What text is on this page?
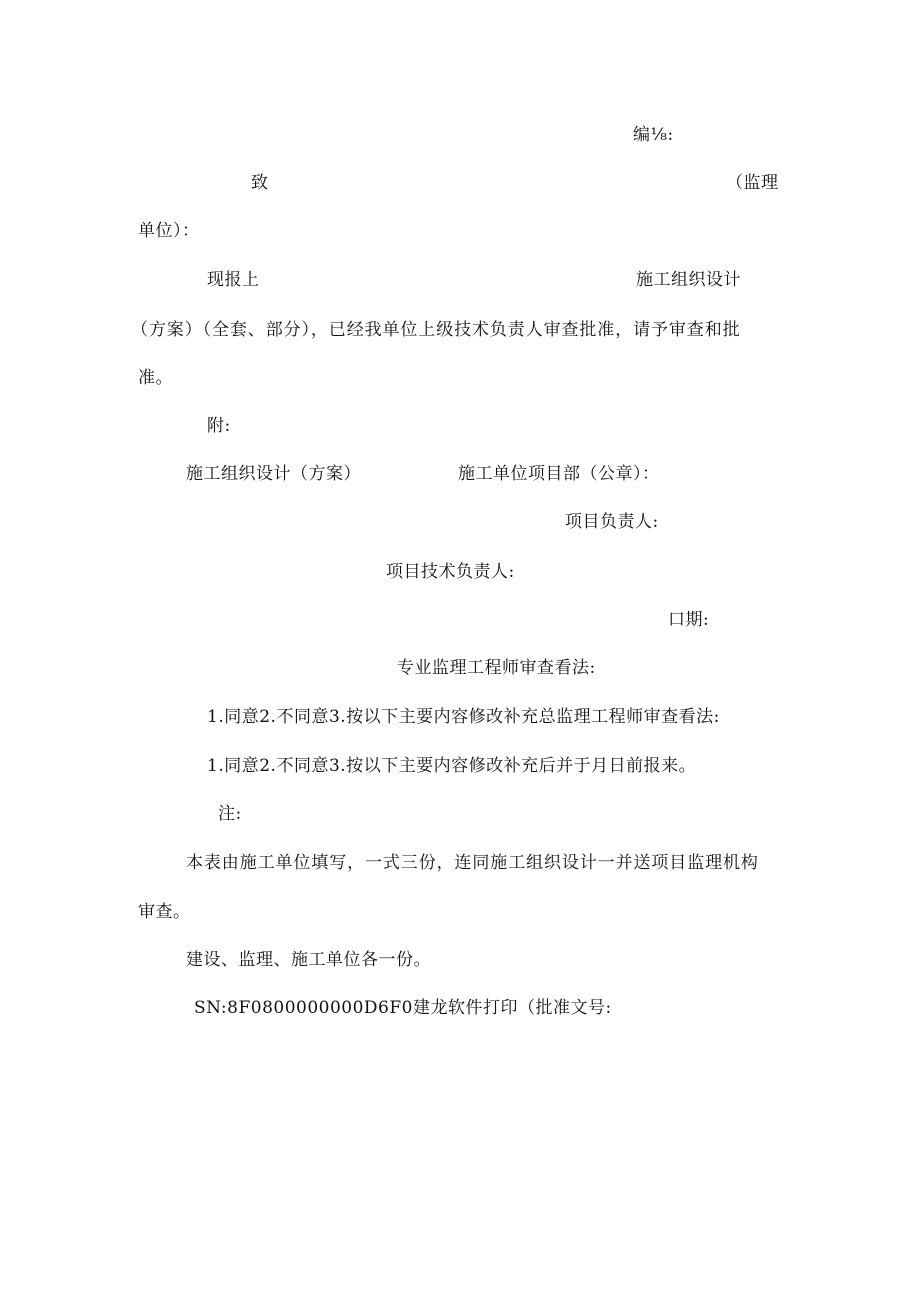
编⅛:
致	（监理
单位）：
现报上	施工组织设计
（方案）（全套、部分），已经我单位上级技术负责人审查批准，请予审查和批
准。
附:
施工组织设计（方案）	施工单位项目部（公章）：
项目负责人:
项目技术负责人:
口期:
专业监理工程师审查看法:
1.同意2.不同意3.按以下主要内容修改补充总监理工程师审查看法:
1.同意2.不同意3.按以下主要内容修改补充后并于月日前报来。
注:
本表由施工单位填写，一式三份，连同施工组织设计一并送项目监理机构
审查。
建设、监理、施工单位各一份。
SN:8F0800000000D6F0建龙软件打印（批准文号:
